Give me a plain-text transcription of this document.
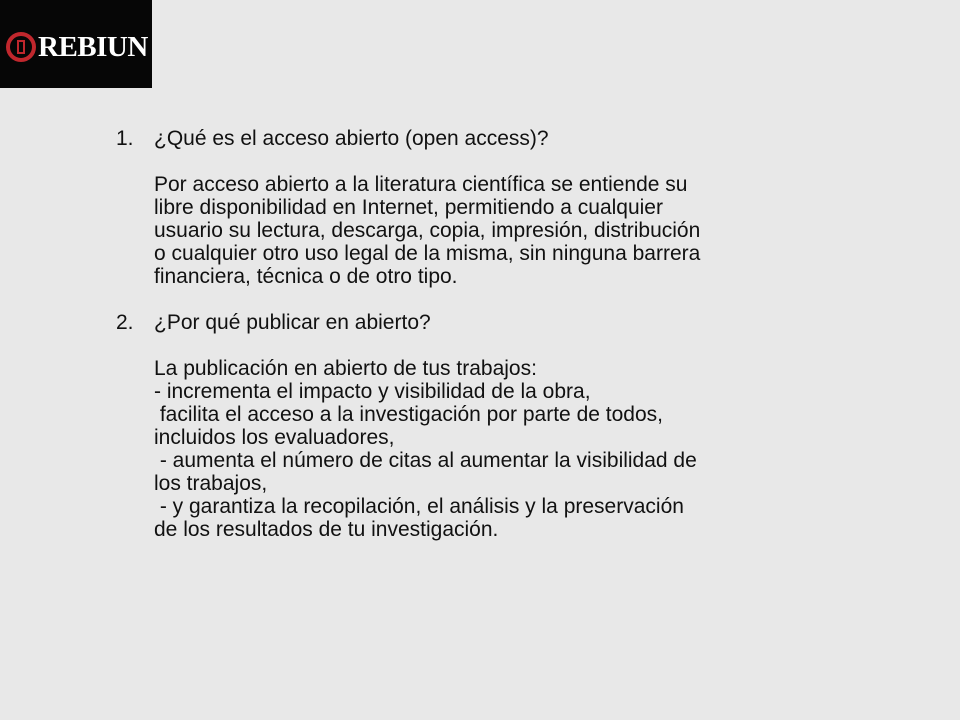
REBIUN
1. ¿Qué es el acceso abierto (open access)?
Por acceso abierto a la literatura científica se entiende su
libre disponibilidad en Internet, permitiendo a cualquier
usuario su lectura, descarga, copia, impresión, distribución
o cualquier otro uso legal de la misma, sin ninguna barrera
financiera, técnica o de otro tipo.
2. ¿Por qué publicar en abierto?
La publicación en abierto de tus trabajos:
- incrementa el impacto y visibilidad de la obra,
facilita el acceso a la investigación por parte de todos,
incluidos los evaluadores,
- aumenta el número de citas al aumentar la visibilidad de
los trabajos,
- y garantiza la recopilación, el análisis y la preservación
de los resultados de tu investigación.
